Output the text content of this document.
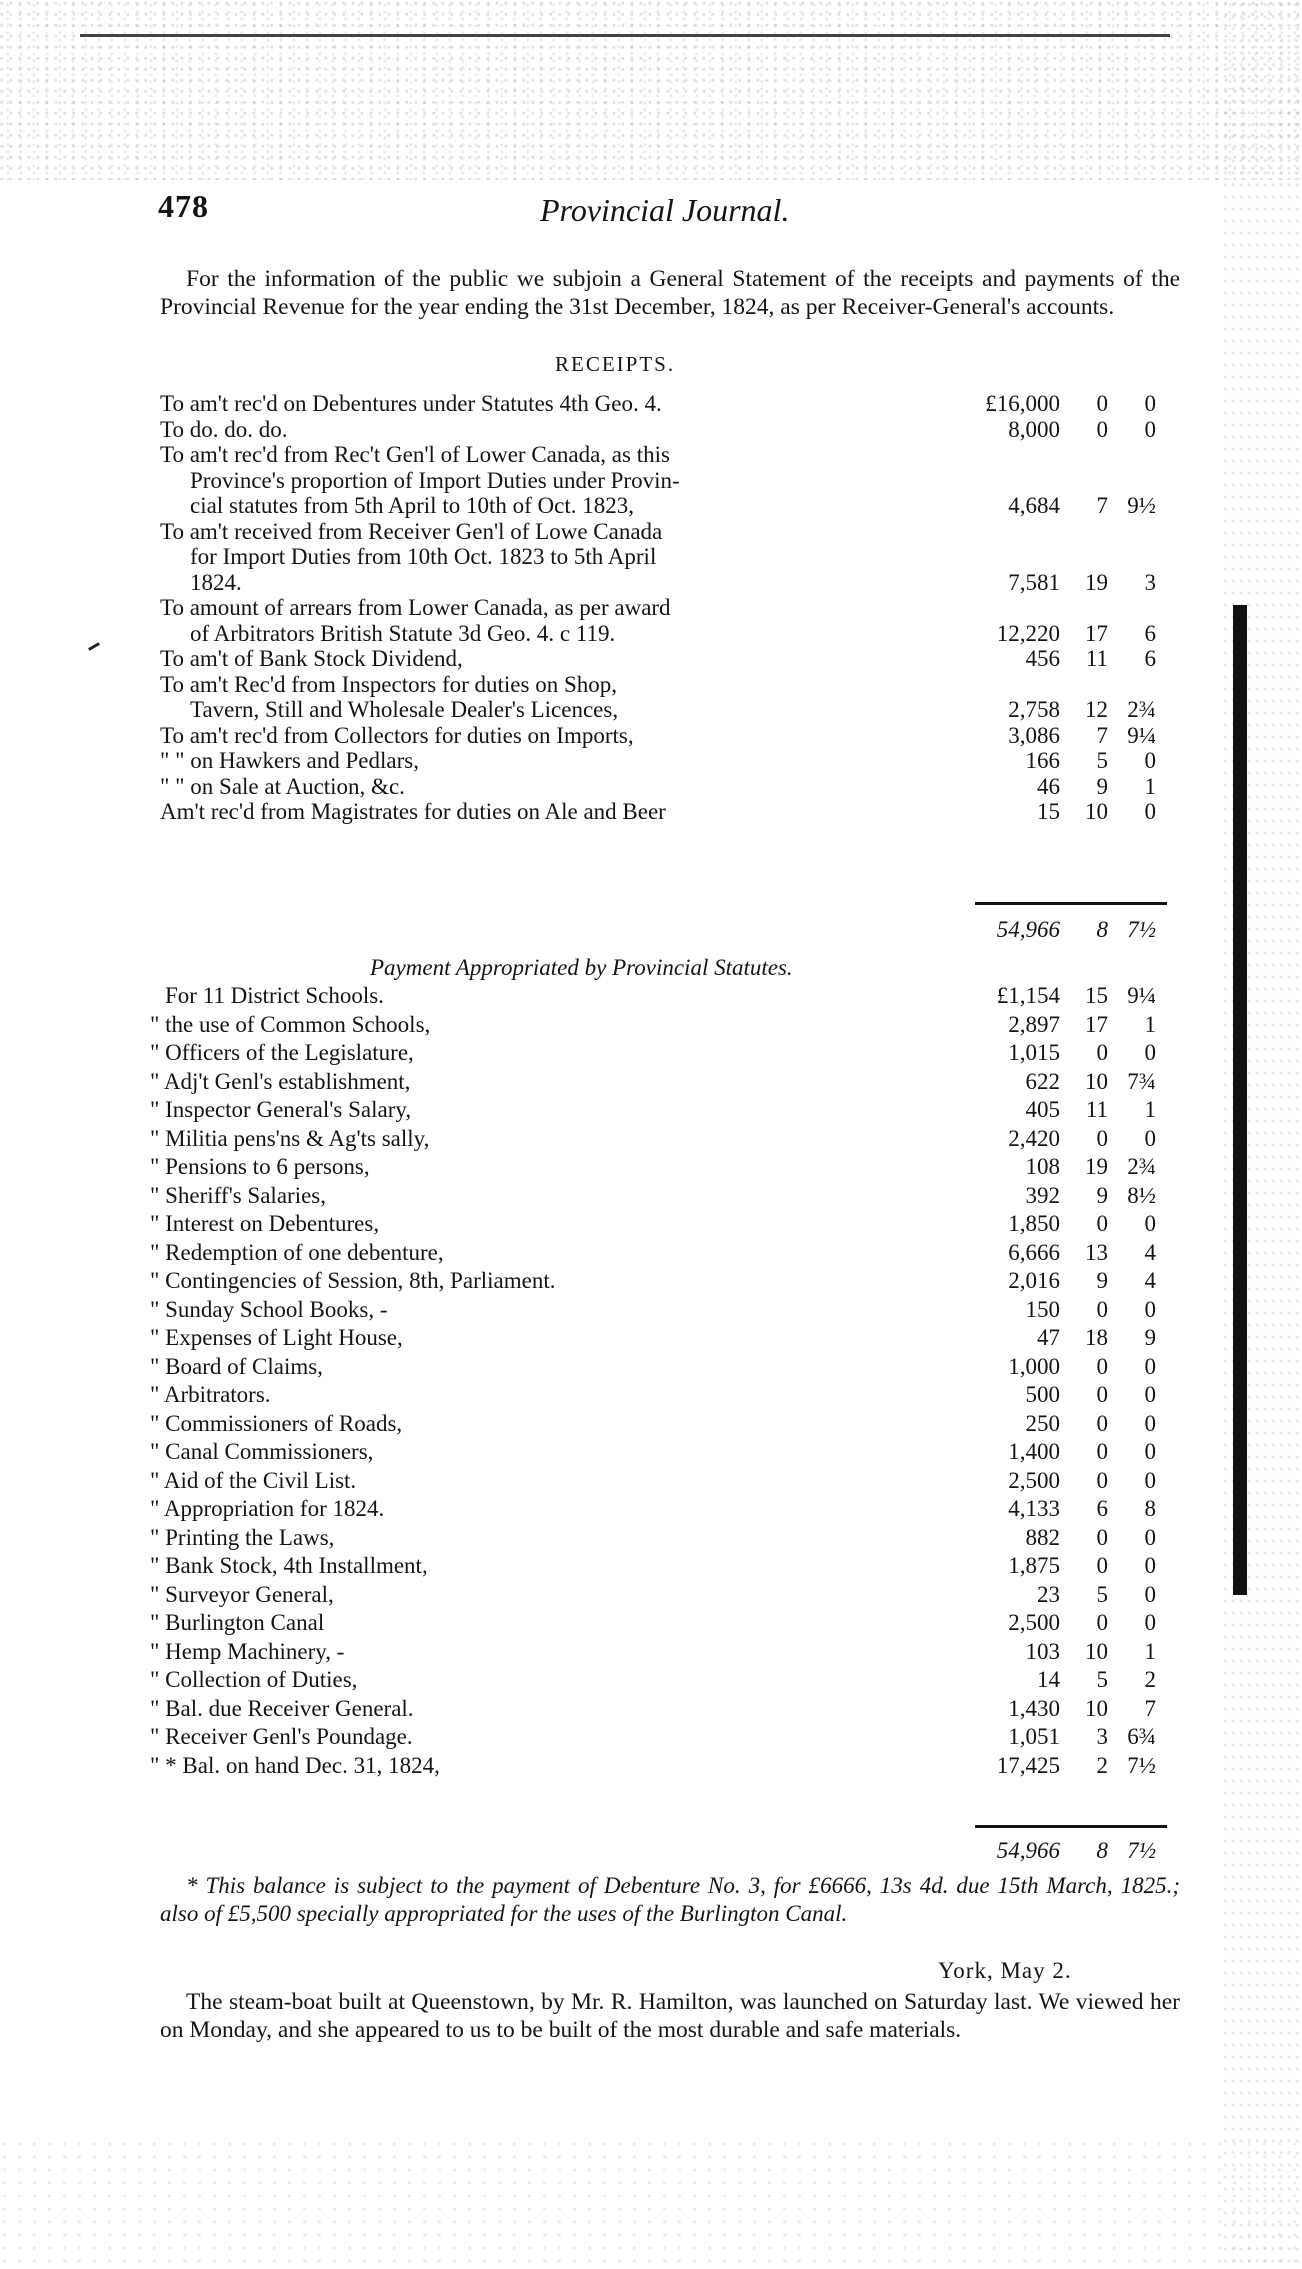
478	Provincial Journal.
For the information of the public we subjoin a General Statement of the receipts and payments of the Provincial Revenue for the year ending the 31st December, 1824, as per Receiver-General's accounts.
RECEIPTS.
To am't rec'd on Debentures under Statutes 4th Geo. 4.	£16,000	0	0
To do. do. do.	8,000	0	0
To am't rec'd from Rec't Gen'l of Lower Canada, as this
Province's proportion of Import Duties under Provin-
cial statutes from 5th April to 10th of Oct. 1823,	4,684	7 9½
To am't received from Receiver Gen'l of Lowe Canada
for Import Duties from 10th Oct. 1823 to 5th April
1824.	7,581	19	3
To amount of arrears from Lower Canada, as per award
of Arbitrators British Statute 3d Geo. 4. c 119.	12,220	17	6
To am't of Bank Stock Dividend,	456	11	6
To am't Rec'd from Inspectors for duties on Shop,
Tavern, Still and Wholesale Dealer's Licences,	2,758	12 2¾
To am't rec'd from Collectors for duties on Imports,	3,086	7 9¼
" " on Hawkers and Pedlars,	166	5	0
" " on Sale at Auction, &c.	46	9	1
Am't rec'd from Magistrates for duties on Ale and Beer	15	10	0
54,966	8 7½
Payment Appropriated by Provincial Statutes.
For 11 District Schools.	£1,154	15 9¼
" the use of Common Schools,	2,897	17	1
" Officers of the Legislature,	1,015	0	0
" Adj't Genl's establishment,	622	10 7¾
" Inspector General's Salary,	405	11	1
" Militia pens'ns & Ag'ts sally,	2,420	0	0
" Pensions to 6 persons,	108	19 2¾
" Sheriff's Salaries,	392	9 8½
" Interest on Debentures,	1,850	0	0
" Redemption of one debenture,	6,666	13	4
" Contingencies of Session, 8th, Parliament.	2,016	9	4
" Sunday School Books, -	150	0	0
" Expenses of Light House,	47	18	9
" Board of Claims,	1,000	0	0
" Arbitrators.	500	0	0
" Commissioners of Roads,	250	0	0
" Canal Commissioners,	1,400	0	0
" Aid of the Civil List.	2,500	0	0
" Appropriation for 1824.	4,133	6	8
" Printing the Laws,	882	0	0
" Bank Stock, 4th Installment,	1,875	0	0
" Surveyor General,	23	5	0
" Burlington Canal	2,500	0	0
" Hemp Machinery, -	103	10	1
" Collection of Duties,	14	5	2
" Bal. due Receiver General.	1,430	10	7
" Receiver Genl's Poundage.	1,051	3 6¾
" * Bal. on hand Dec. 31, 1824,	17,425	2 7½
54,966	8 7½
* This balance is subject to the payment of Debenture No. 3, for £6666, 13s 4d. due 15th March, 1825.; also of £5,500 specially appropriated for the uses of the Burlington Canal.
York, May 2.
The steam-boat built at Queenstown, by Mr. R. Hamilton, was launched on Saturday last. We viewed her on Monday, and she appeared to us to be built of the most durable and safe materials.
